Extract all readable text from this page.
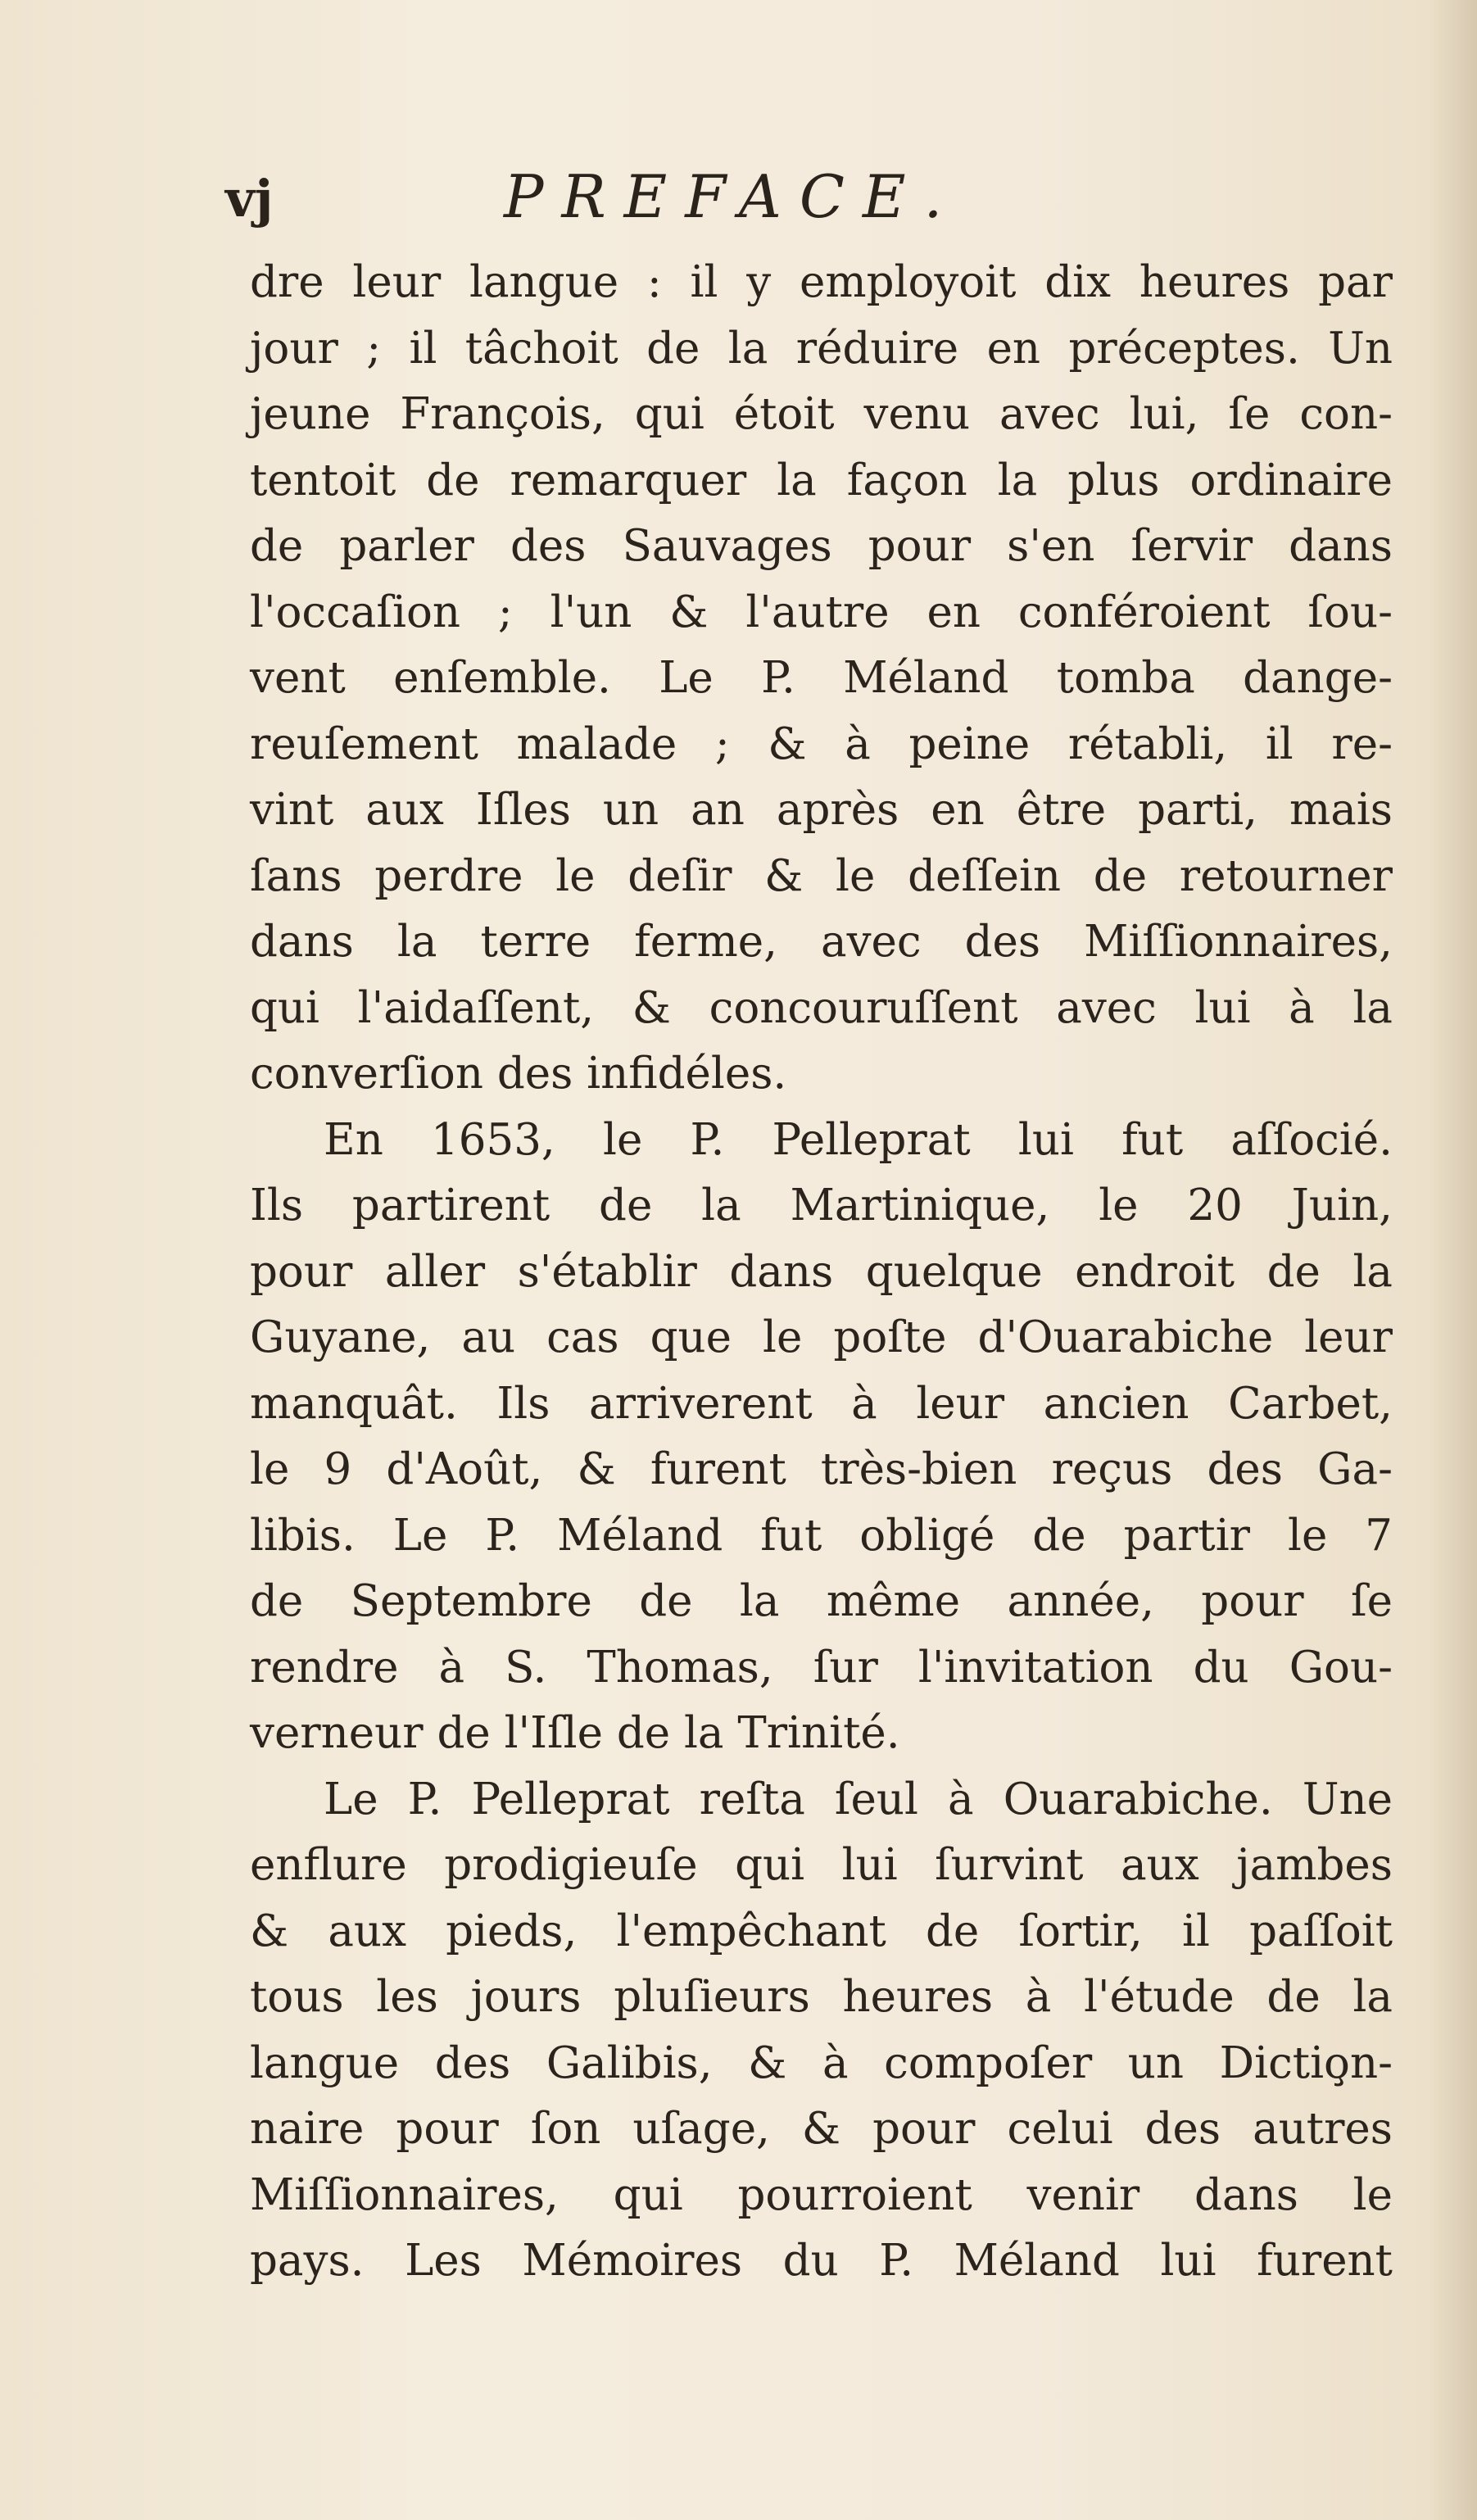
vj	PREFACE.
dre leur langue : il y employoit dix heures par
jour ; il tâchoit de la réduire en préceptes. Un
jeune François, qui étoit venu avec lui, ſe con-
tentoit de remarquer la façon la plus ordinaire
de parler des Sauvages pour s'en ſervir dans
l'occaſion ; l'un & l'autre en conféroient ſou-
vent enſemble. Le P. Méland tomba dange-
reuſement malade ; & à peine rétabli, il re-
vint aux Iſles un an après en être parti, mais
ſans perdre le deſir & le deſſein de retourner
dans la terre ferme, avec des Miſſionnaires,
qui l'aidaſſent, & concouruſſent avec lui à la
converſion des infidéles.
En 1653, le P. Pelleprat lui fut aſſocié.
Ils partirent de la Martinique, le 20 Juin,
pour aller s'établir dans quelque endroit de la
Guyane, au cas que le poſte d'Ouarabiche leur
manquât. Ils arriverent à leur ancien Carbet,
le 9 d'Août, & furent très-bien reçus des Ga-
libis. Le P. Méland fut obligé de partir le 7
de Septembre de la même année, pour ſe
rendre à S. Thomas, ſur l'invitation du Gou-
verneur de l'Iſle de la Trinité.
Le P. Pelleprat reſta ſeul à Ouarabiche. Une
enflure prodigieuſe qui lui ſurvint aux jambes
& aux pieds, l'empêchant de ſortir, il paſſoit
tous les jours pluſieurs heures à l'étude de la
langue des Galibis, & à compoſer un Dictio̧n-
naire pour ſon uſage, & pour celui des autres
Miſſionnaires, qui pourroient venir dans le
pays. Les Mémoires du P. Méland lui furent
